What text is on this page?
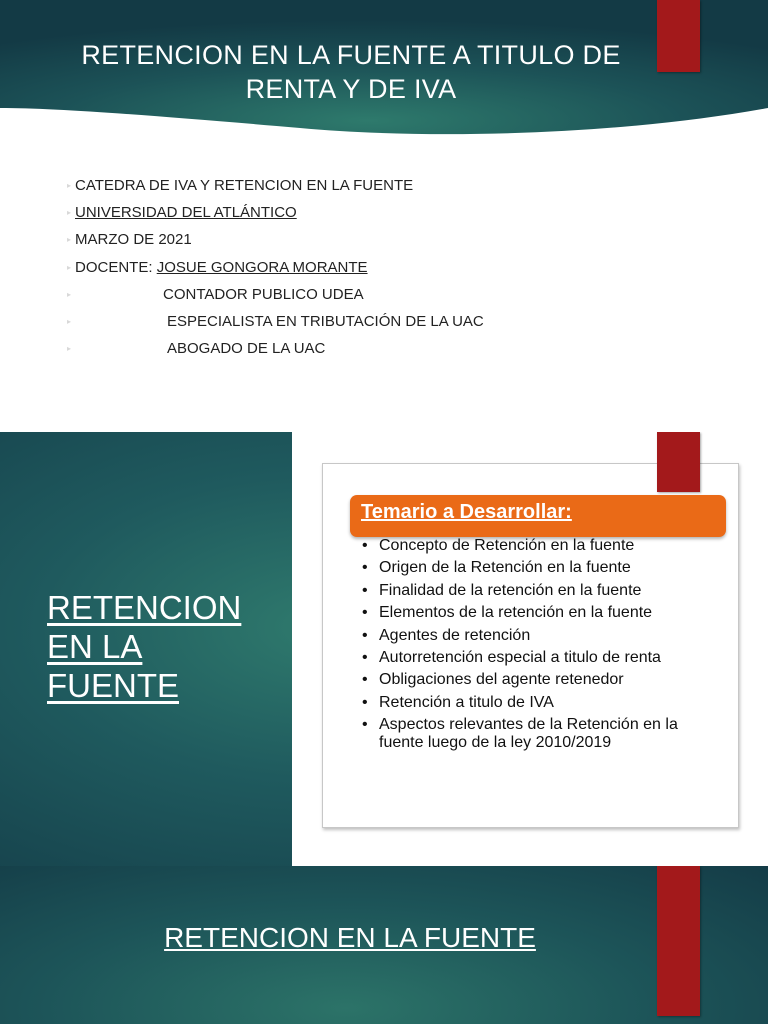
RETENCION EN LA FUENTE A TITULO DE
RENTA Y DE IVA
▸ CATEDRA DE IVA Y RETENCION EN LA FUENTE
▸ UNIVERSIDAD DEL ATLÁNTICO
▸ MARZO DE 2021
▸ DOCENTE: JOSUE GONGORA MORANTE
▸	CONTADOR PUBLICO UDEA
▸	ESPECIALISTA EN TRIBUTACIÓN DE LA UAC
▸	ABOGADO DE LA UAC
RETENCION
EN LA
FUENTE
Temario a Desarrollar:
• Concepto de Retención en la fuente
• Origen de la Retención en la fuente
• Finalidad de la retención en la fuente
• Elementos de la retención en la fuente
• Agentes de retención
• Autorretención especial a titulo de renta
• Obligaciones del agente retenedor
• Retención a titulo de IVA
• Aspectos relevantes de la Retención en la fuente luego de la ley 2010/2019
RETENCION EN LA FUENTE
